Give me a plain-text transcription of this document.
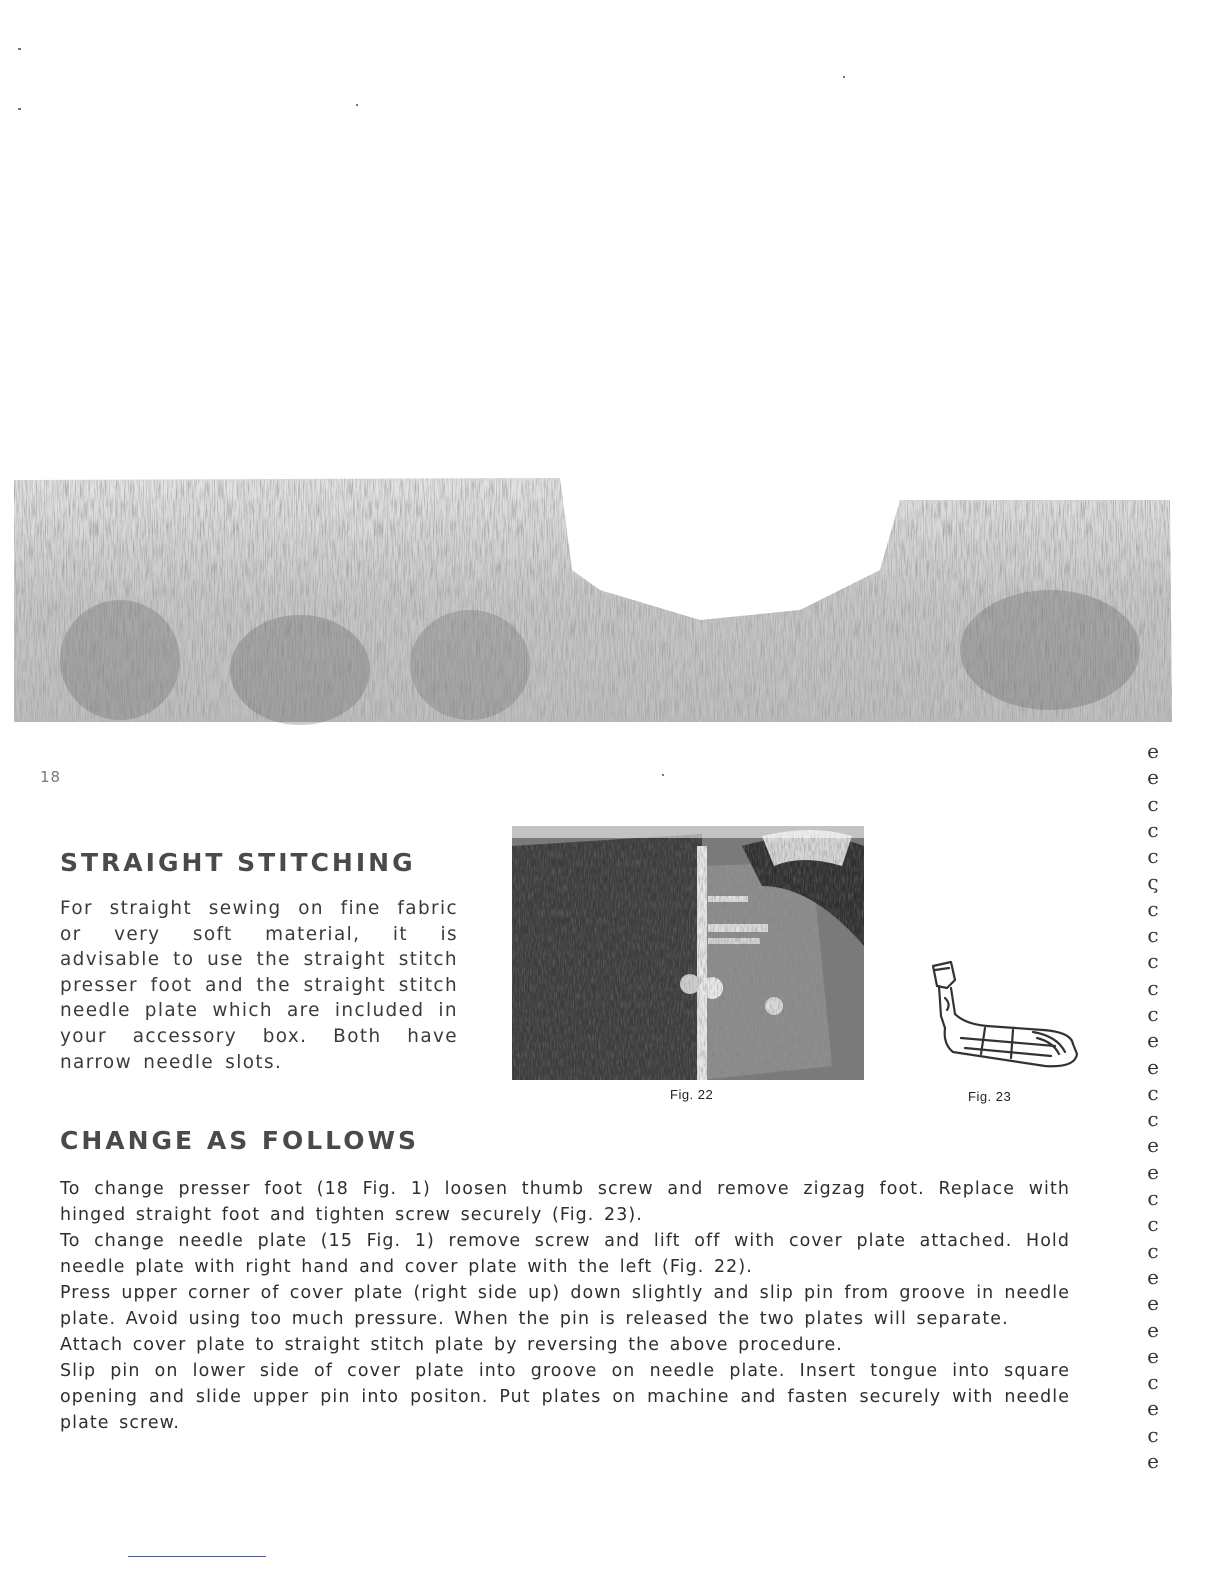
18
STRAIGHT STITCHING

For straight sewing on fine fabric or very soft material, it is advisable to use the straight stitch presser foot and the straight stitch needle plate which are included in your accessory box. Both have narrow needle slots.

Fig. 22	Fig. 23
CHANGE AS FOLLOWS

To change presser foot (18 Fig. 1) loosen thumb screw and remove zigzag foot. Replace with hinged straight foot and tighten screw securely (Fig. 23).

To change needle plate (15 Fig. 1) remove screw and lift off with cover plate attached. Hold needle plate with right hand and cover plate with the left (Fig. 22).

Press upper corner of cover plate (right side up) down slightly and slip pin from groove in needle plate. Avoid using too much pressure. When the pin is released the two plates will separate.

Attach cover plate to straight stitch plate by reversing the above procedure.

Slip pin on lower side of cover plate into groove on needle plate. Insert tongue into square opening and slide upper pin into positon. Put plates on machine and fasten securely with needle plate screw.

e
e
c
c
c
ς
c
c
c
c
c
e
e
c
c
e
e
c
c
c
e
e
e
e
c
e
c
e
